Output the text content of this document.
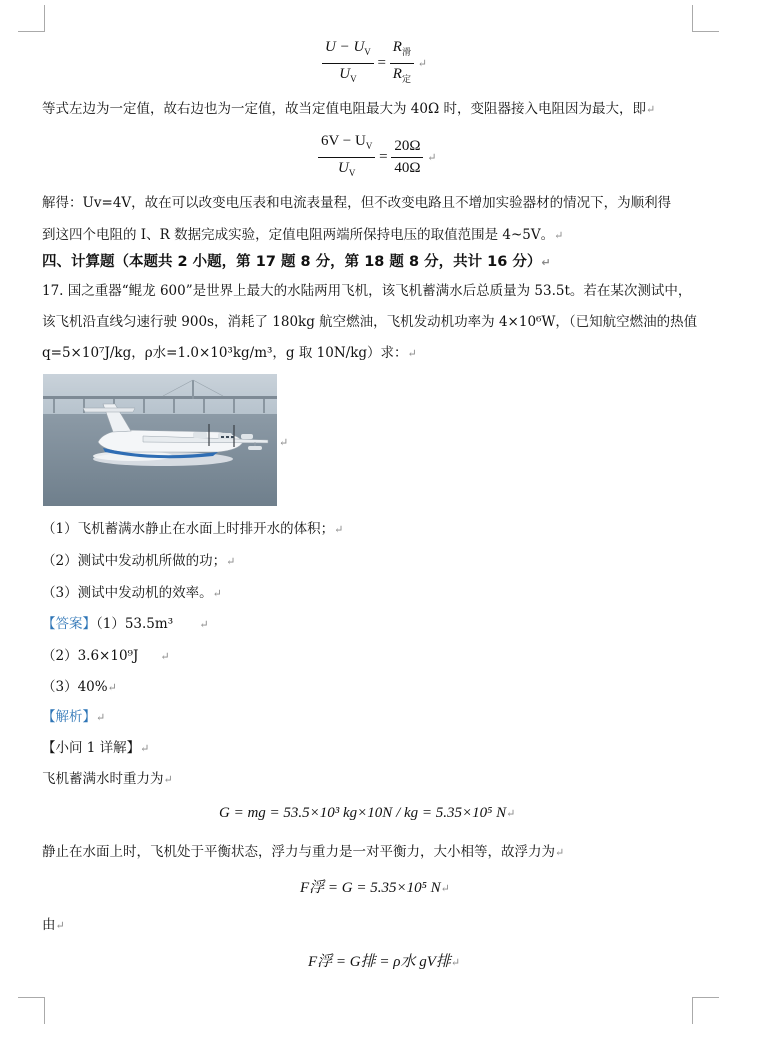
$\frac{U - U_V}{U_V} = \frac{R_滑}{R_定}$ ↵
等式左边为一定值，故右边也为一定值，故当定值电阻最大为 40Ω 时，变阻器接入电阻因为最大，即↵
$\frac{6V - U_V}{U_V} = \frac{20\Omega}{40\Omega}$ ↵
解得：Uv=4V，故在可以改变电压表和电流表量程，但不改变电路且不增加实验器材的情况下，为顺利得
到这四个电阻的 I、R 数据完成实验，定值电阻两端所保持电压的取值范围是 4~5V。↵
四、计算题（本题共 2 小题，第 17 题 8 分，第 18 题 8 分，共计 16 分）↵
17. 国之重器“鲲龙 600”是世界上最大的水陆两用飞机，该飞机蓄满水后总质量为 53.5t。若在某次测试中，
该飞机沿直线匀速行驶 900s，消耗了 180kg 航空燃油，飞机发动机功率为 4×10⁶W，（已知航空燃油的热值
q=5×10⁷J/kg，ρ水=1.0×10³kg/m³，g 取 10N/kg）求：↵
↵
（1）飞机蓄满水静止在水面上时排开水的体积；↵
（2）测试中发动机所做的功；↵
（3）测试中发动机的效率。↵
【答案】（1）53.5m³ ↵
（2）3.6×10⁹J ↵
（3）40%↵
【解析】↵
【小问 1 详解】↵
飞机蓄满水时重力为↵
G = mg = 53.5×10³ kg×10N / kg = 5.35×10⁵ N↵
静止在水面上时，飞机处于平衡状态，浮力与重力是一对平衡力，大小相等，故浮力为↵
F浮 = G = 5.35×10⁵ N↵
由↵
F浮 = G排 = ρ水 gV排↵
